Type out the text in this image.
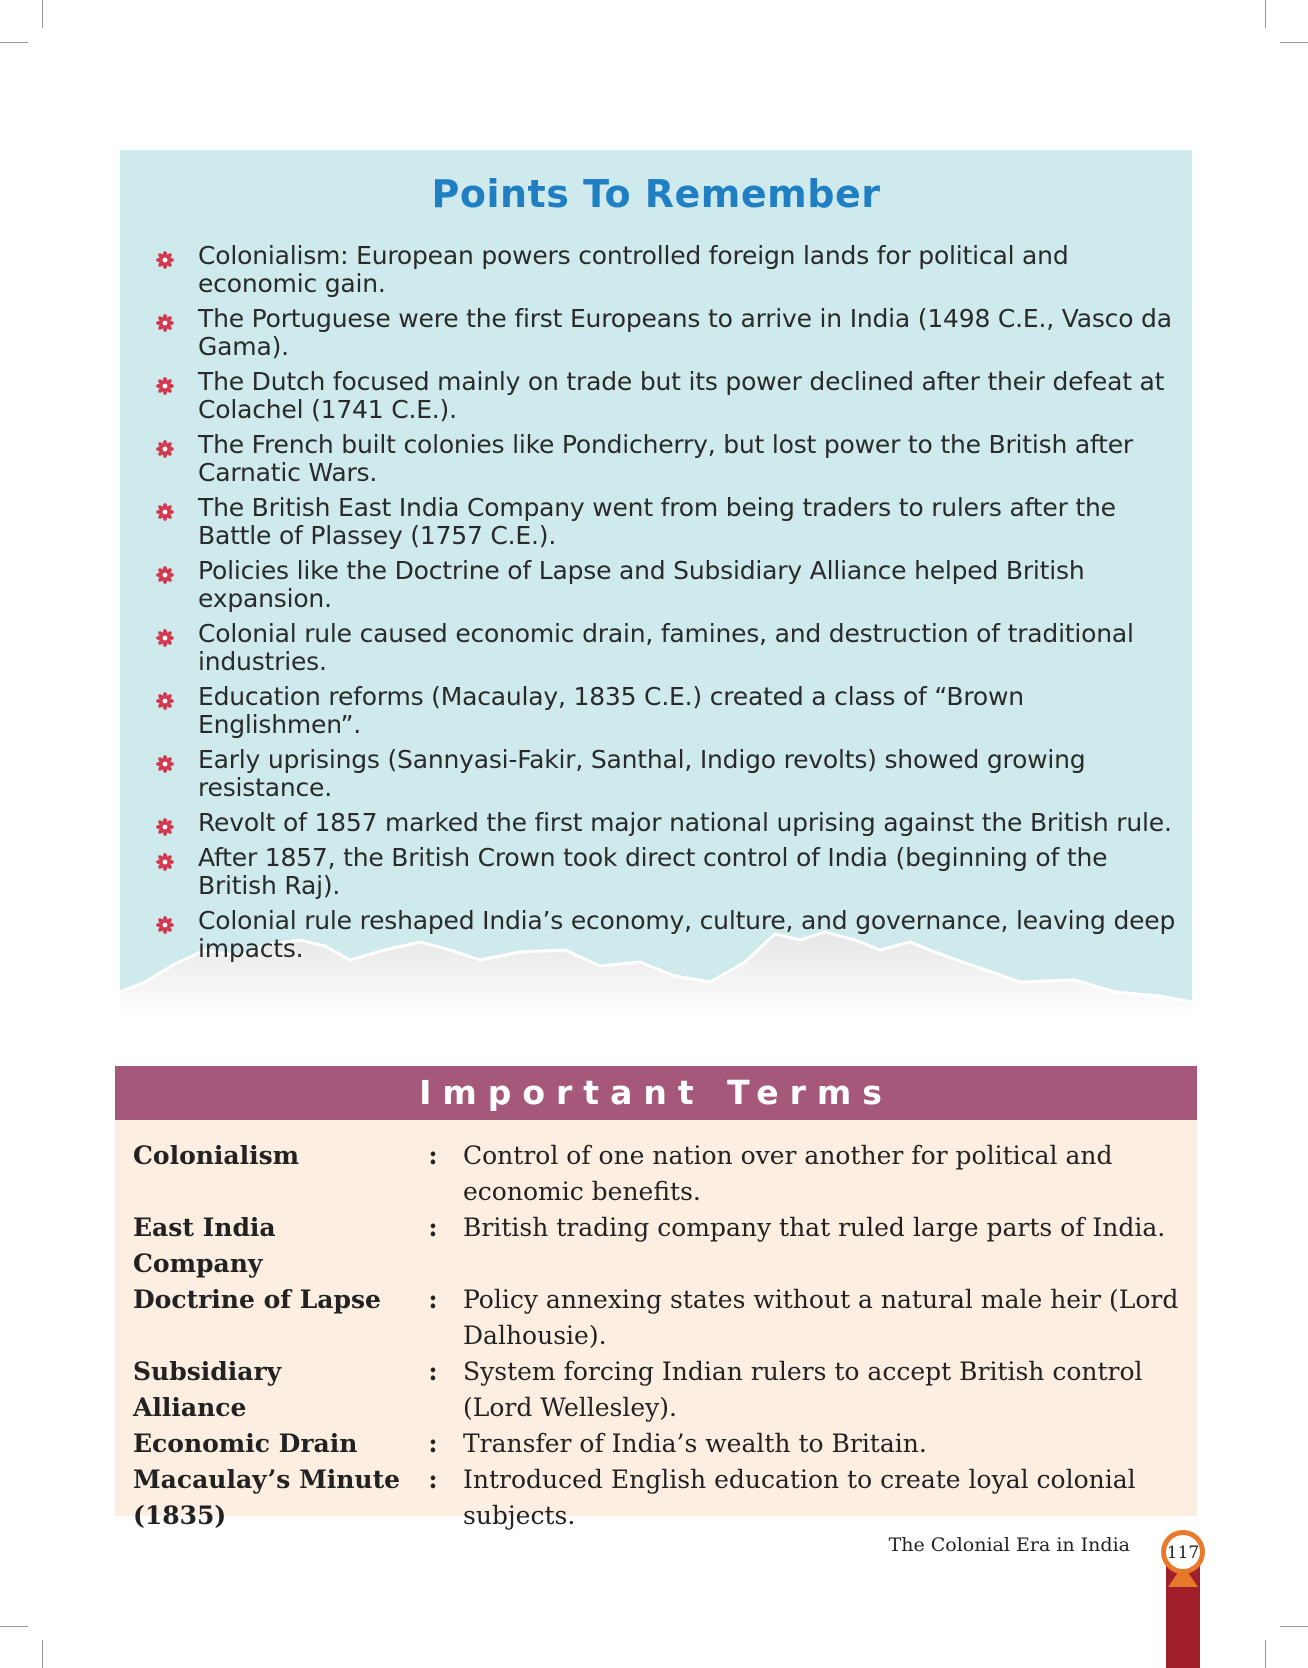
Points To Remember
Colonialism: European powers controlled foreign lands for political and economic gain.
The Portuguese were the first Europeans to arrive in India (1498 C.E., Vasco da Gama).
The Dutch focused mainly on trade but its power declined after their defeat at Colachel (1741 C.E.).
The French built colonies like Pondicherry, but lost power to the British after Carnatic Wars.
The British East India Company went from being traders to rulers after the Battle of Plassey (1757 C.E.).
Policies like the Doctrine of Lapse and Subsidiary Alliance helped British expansion.
Colonial rule caused economic drain, famines, and destruction of traditional industries.
Education reforms (Macaulay, 1835 C.E.) created a class of “Brown Englishmen”.
Early uprisings (Sannyasi-Fakir, Santhal, Indigo revolts) showed growing resistance.
Revolt of 1857 marked the first major national uprising against the British rule.
After 1857, the British Crown took direct control of India (beginning of the British Raj).
Colonial rule reshaped India’s economy, culture, and governance, leaving deep impacts.
Important Terms
Colonialism	:	Control of one nation over another for political and economic benefits.
East India Company	:	British trading company that ruled large parts of India.
Doctrine of Lapse	:	Policy annexing states without a natural male heir (Lord Dalhousie).
Subsidiary Alliance	:	System forcing Indian rulers to accept British control (Lord Wellesley).
Economic Drain	:	Transfer of India’s wealth to Britain.
Macaulay’s Minute (1835)	:	Introduced English education to create loyal colonial subjects.
The Colonial Era in India	117
